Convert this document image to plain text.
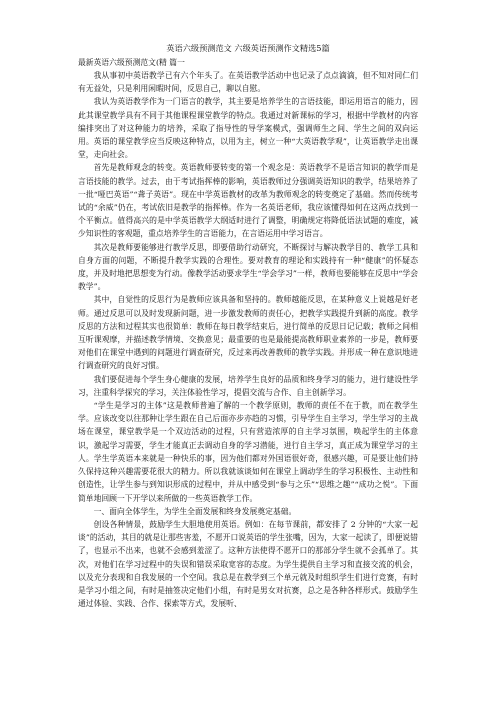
英语六级预测范文 六级英语预测作文精选5篇
最新英语六级预测范文(精 篇一

我从事初中英语教学已有六个年头了。在英语教学活动中也记录了点点滴滴，但不知对同仁们有无益处，只是利用闲暇时间，反思自己，聊以自慰。

我认为英语教学作为一门语言的教学，其主要是培养学生的言语技能，即运用语言的能力，因此其课堂教学具有不同于其他课程课堂教学的特点。我通过对新课标的学习，根据中学教材的内容编排突出了对这种能力的培养，采取了指导性的导学案模式，强调师生之间、学生之间的双向运用。英语的课堂教学应当反映这种特点，以用为主，树立一种“大英语教学观”，让英语教学走出课堂，走向社会。

首先是教师观念的转变。英语教师要转变的第一个观念是：英语教学不是语言知识的教学而是言语技能的教学。过去，由于考试指挥棒的影响，英语教师过分强调英语知识的教学，结果培养了一批“哑巴英语”“聋子英语”。现在中学英语教材的改革为教师观念的转变奠定了基础。然而传统考试的“余威”仍在，考试依旧是教学的指挥棒。作为一名英语老师，我应该懂得如何在这两点找到一个平衡点。值得高兴的是中学英语教学大纲适时进行了调整，明确规定将降低语法试题的难度，减少知识性的客观题，重点培养学生的言语能力，在言语运用中学习语言。

其次是教师要能够进行教学反思，即要借助行动研究，不断探讨与解决教学目的、教学工具和自身方面的问题，不断提升教学实践的合理性。要对教育的理论和实践持有一种“健康”的怀疑态度，并及时地把思想变为行动。像教学活动要求学生“学会学习”一样，教师也要能够在反思中“学会教学”。

其中，自觉性的反思行为是教师应该具备和坚持的。教师越能反思，在某种意义上说越是好老师。通过反思可以及时发现新问题，进一步激发教师的责任心，把教学实践提升到新的高度。教学反思的方法和过程其实也很简单：教师在每日教学结束后，进行简单的反思日记记载；教师之间相互听课观摩，并描述教学情境、交换意见；最重要的也是最能提高教师职业素养的一步是，教师要对他们在课堂中遇到的问题进行调查研究，反过来再改善教师的教学实践。并形成一种在意识地进行调查研究的良好习惯。

我们要促进每个学生身心健康的发展，培养学生良好的品质和终身学习的能力，进行建设性学习，注重科学探究的学习，关注体验性学习，提倡交流与合作、自主创新学习。

“学生是学习的主体”这是教师普遍了解的一个教学原则，教师的责任不在于教，而在教学生学。应该改变以往那种让学生跟在自己后面亦步亦趋的习惯，引导学生自主学习，学生学习的主战场在课堂，课堂教学是一个双边活动的过程，只有营造浓厚的自主学习氛围，唤起学生的主体意识，激起学习需要，学生才能真正去调动自身的学习潜能，进行自主学习，真正成为课堂学习的主人。学生学英语本来就是一种快乐的事，因为他们都对外国语很好奇，很感兴趣，可是要让他们持久保持这种兴趣需要花很大的精力。所以我就该谈如何在课堂上调动学生的学习积极性、主动性和创造性，让学生参与到知识形成的过程中，并从中感受到“参与之乐”“思维之趣”“成功之悦”。下面简单地回顾一下开学以来所做的一些英语教学工作。

一、面向全体学生，为学生全面发展和终身发展奠定基础。

创设各种情景，鼓励学生大胆地使用英语。例如：在每节课前，都安排了 2 分钟的“大家一起谈”的活动，其目的就是让那些害羞，不愿开口说英语的学生张嘴，因为，大家一起读了，即便说错了，也显示不出来，也就不会感到羞涩了。这种方法使得不愿开口的那部分学生就不会孤单了。其次，对他们在学习过程中的失误和错误采取宽容的态度。为学生提供自主学习和直接交流的机会，以及充分表现和自我发展的一个空间。我总是在教学到三个单元就及时组织学生们进行竞赛，有时是学习小组之间，有时是抽签决定他们小组，有时是男女对抗赛，总之是各种各样形式。鼓励学生通过体验、实践、合作、探索等方式，发展听、
